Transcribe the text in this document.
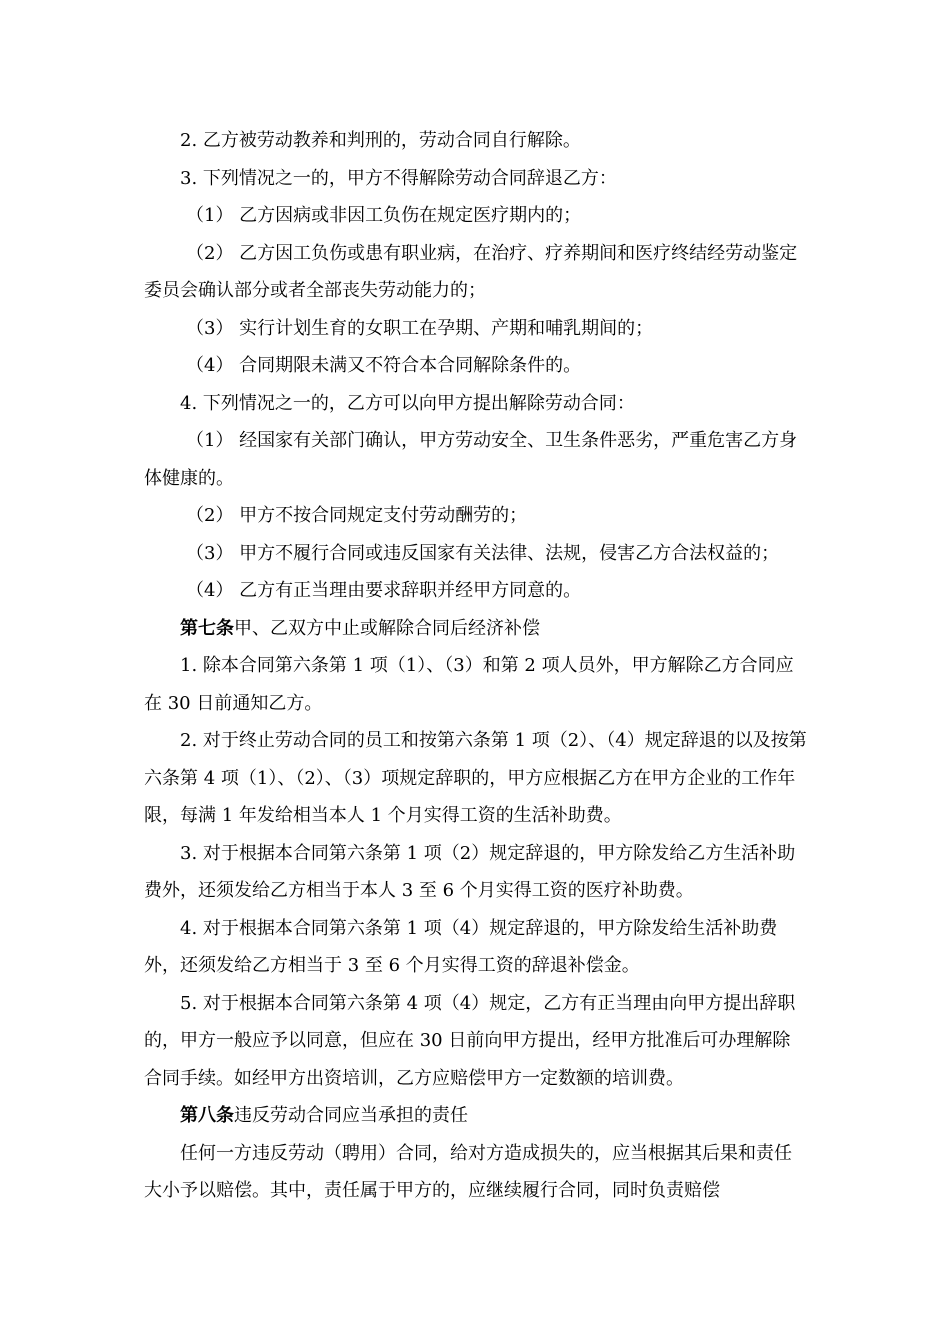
2. 乙方被劳动教养和判刑的，劳动合同自行解除。

3. 下列情况之一的，甲方不得解除劳动合同辞退乙方：

（1） 乙方因病或非因工负伤在规定医疗期内的；

（2） 乙方因工负伤或患有职业病，在治疗、疗养期间和医疗终结经劳动鉴定委员会确认部分或者全部丧失劳动能力的；

（3） 实行计划生育的女职工在孕期、产期和哺乳期间的；

（4） 合同期限未满又不符合本合同解除条件的。

4. 下列情况之一的，乙方可以向甲方提出解除劳动合同：

（1） 经国家有关部门确认，甲方劳动安全、卫生条件恶劣，严重危害乙方身体健康的。

（2） 甲方不按合同规定支付劳动酬劳的；

（3） 甲方不履行合同或违反国家有关法律、法规，侵害乙方合法权益的；

（4） 乙方有正当理由要求辞职并经甲方同意的。

第七条甲、乙双方中止或解除合同后经济补偿

1. 除本合同第六条第 1 项（1）、（3）和第 2 项人员外，甲方解除乙方合同应在 30 日前通知乙方。

2. 对于终止劳动合同的员工和按第六条第 1 项（2）、（4）规定辞退的以及按第六条第 4 项（1）、（2）、（3）项规定辞职的，甲方应根据乙方在甲方企业的工作年限，每满 1 年发给相当本人 1 个月实得工资的生活补助费。

3. 对于根据本合同第六条第 1 项（2）规定辞退的，甲方除发给乙方生活补助费外，还须发给乙方相当于本人 3 至 6 个月实得工资的医疗补助费。

4. 对于根据本合同第六条第 1 项（4）规定辞退的，甲方除发给生活补助费外，还须发给乙方相当于 3 至 6 个月实得工资的辞退补偿金。

5. 对于根据本合同第六条第 4 项（4）规定，乙方有正当理由向甲方提出辞职的，甲方一般应予以同意，但应在 30 日前向甲方提出，经甲方批准后可办理解除合同手续。如经甲方出资培训，乙方应赔偿甲方一定数额的培训费。

第八条违反劳动合同应当承担的责任

任何一方违反劳动（聘用）合同，给对方造成损失的，应当根据其后果和责任大小予以赔偿。其中，责任属于甲方的，应继续履行合同，同时负责赔偿
